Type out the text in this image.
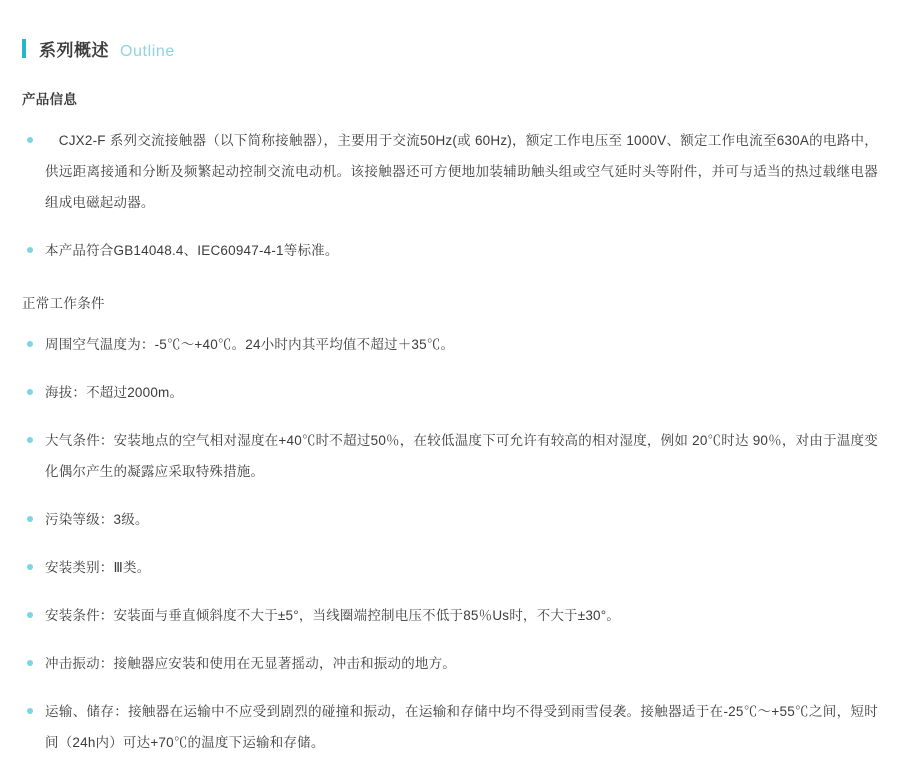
系列概述 Outline
产品信息
　CJX2-F 系列交流接触器（以下简称接触器），主要用于交流50Hz(或 60Hz)，额定工作电压至 1000V、额定工作电流至630A的电路中，供远距离接通和分断及频繁起动控制交流电动机。该接触器还可方便地加装辅助触头组或空气延时头等附件，并可与适当的热过载继电器组成电磁起动器。
本产品符合GB14048.4、IEC60947-4-1等标准。
正常工作条件
周围空气温度为：-5℃～+40℃。24小时内其平均值不超过＋35℃。
海拔：不超过2000m。
大气条件：安装地点的空气相对湿度在+40℃时不超过50％，在较低温度下可允许有较高的相对湿度，例如 20℃时达 90％，对由于温度变化偶尔产生的凝露应采取特殊措施。
污染等级：3级。
安装类别：Ⅲ类。
安装条件：安装面与垂直倾斜度不大于±5°，当线圈端控制电压不低于85％Us时，不大于±30°。
冲击振动：接触器应安装和使用在无显著摇动，冲击和振动的地方。
运输、储存：接触器在运输中不应受到剧烈的碰撞和振动，在运输和存储中均不得受到雨雪侵袭。接触器适于在-25℃～+55℃之间，短时间（24h内）可达+70℃的温度下运输和存储。
